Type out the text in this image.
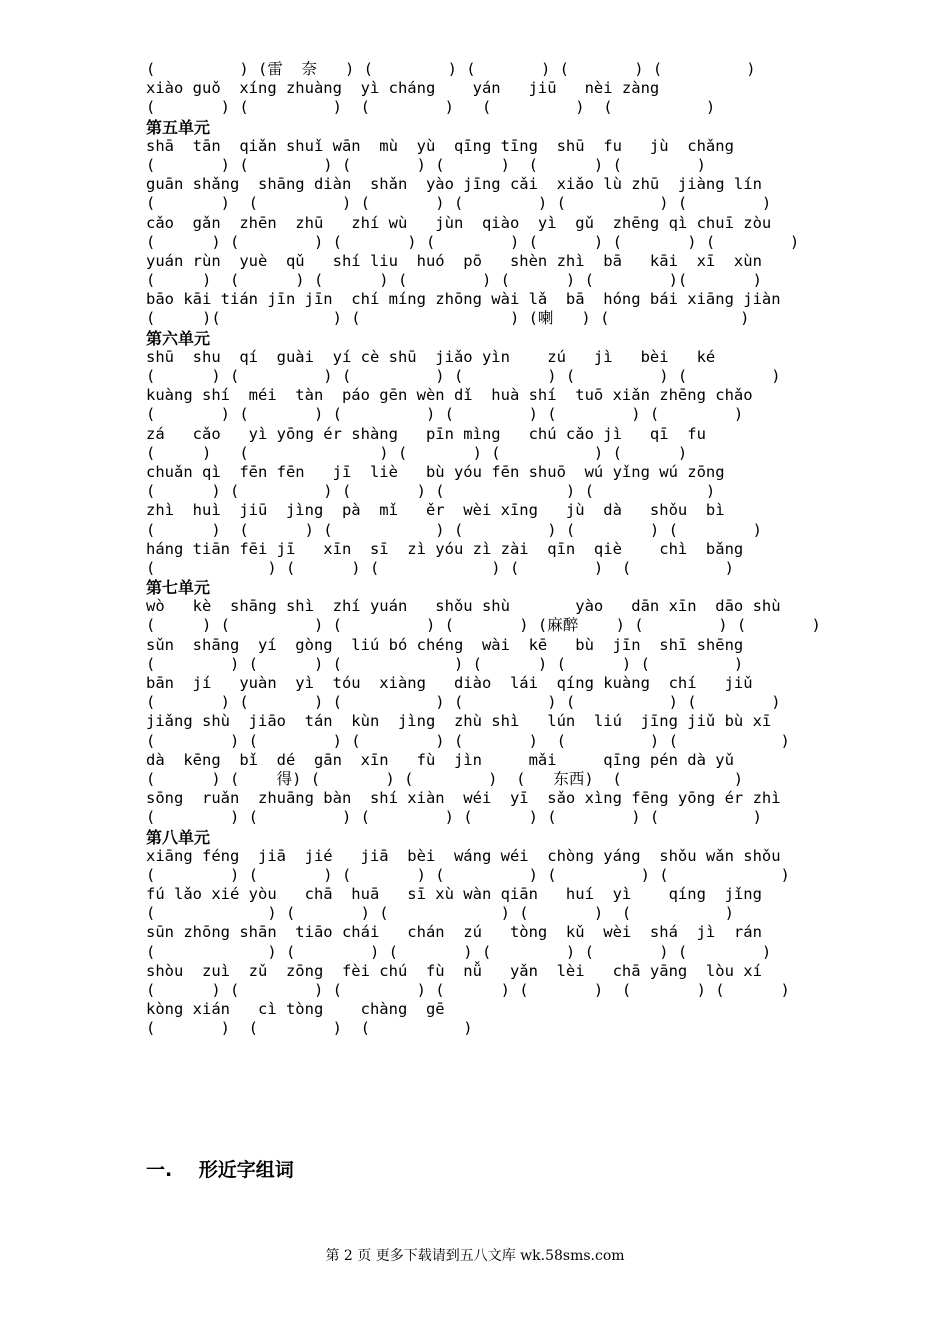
(         ) (雷  奈   ) (        ) (       ) (       ) (         )
xiào guǒ  xíng zhuàng  yì cháng    yán   jiū   nèi zàng
(       ) (         )  (        )   (         )  (          )
第五单元
shā  tān  qiǎn shuǐ wān  mù  yù  qīng tīng  shū  fu   jù  chǎng
(       ) (        ) (       ) (      )  (      ) (        )
guān shǎng  shāng diàn  shǎn  yào jīng cǎi  xiǎo lù zhū  jiàng lín
(       )  (         ) (       ) (        ) (          ) (        )
cǎo  gǎn  zhēn  zhū   zhí wù   jùn  qiào  yì  gǔ  zhēng qì chuī zòu
(      ) (        ) (       ) (        ) (      ) (       ) (        )
yuán rùn  yuè  qǔ   shí liu  huó  pō   shèn zhì  bā   kāi  xī  xùn
(     )  (      ) (      ) (        ) (      ) (        )(       )
bāo kāi tián jīn jīn  chí míng zhōng wài lǎ  bā  hóng bái xiāng jiàn
(     )(            ) (                ) (喇   ) (              )
第六单元
shū  shu  qí  guài  yí cè shū  jiǎo yìn    zú   jì   bèi   ké
(      ) (         ) (         ) (         ) (         ) (         )
kuàng shí  méi  tàn  páo gēn wèn dǐ  huà shí  tuō xiǎn zhēng chǎo
(       ) (       ) (         ) (        ) (        ) (        )
zá   cǎo   yì yōng ér shàng   pīn mìng   chú cǎo jì   qī  fu
(     )   (              ) (       ) (          ) (      )
chuǎn qì  fēn fēn   jī  liè   bù yóu fēn shuō  wú yǐng wú zōng
(      ) (         ) (       ) (             ) (            )
zhì  huì  jiū  jìng  pà  mǐ   ěr  wèi xīng   jù  dà   shǒu  bì
(      )  (      ) (           ) (         ) (        ) (        )
háng tiān fēi jī   xīn  sī  zì yóu zì zài  qīn  qiè    chì  bǎng
(            ) (      ) (            ) (        )  (          )
第七单元
wò   kè  shāng shì  zhí yuán   shǒu shù       yào   dān xīn  dāo shù
(     ) (         ) (         ) (       ) (麻醉    ) (        ) (       )
sǔn  shāng  yí  gòng  liú bó chéng  wài  kē   bù  jīn  shī shēng
(        ) (      ) (            ) (      ) (      ) (         )
bān  jí   yuàn  yì  tóu  xiàng   diào  lái  qíng kuàng  chí   jiǔ
(       ) (       ) (          ) (         ) (          ) (        )
jiǎng shù  jiāo  tán  kùn  jìng  zhù shì   lún  liú  jīng jiǔ bù xī
(        ) (        ) (        ) (       )  (         ) (           )
dà  kēng  bǐ  dé  gān  xīn   fù  jìn     mǎi     qīng pén dà yǔ
(      ) (    得) (       ) (        )  (   东西)  (            )
sōng  ruǎn  zhuāng bàn  shí xiàn  wéi  yī  sǎo xìng fēng yōng ér zhì
(        ) (         ) (        ) (      ) (        ) (          )
第八单元
xiāng féng  jiā  jié   jiā  bèi  wáng wéi  chòng yáng  shǒu wǎn shǒu
(        ) (       ) (       ) (         ) (         ) (            )
fú lǎo xié yòu   chā  huā   sī xù wàn qiān   huí  yì    qíng  jǐng
(            ) (       ) (            ) (       )  (          )
sūn zhōng shān  tiāo chái   chán  zú   tòng  kǔ  wèi  shá  jì  rán
(            ) (        ) (       ) (        ) (       ) (        )
shòu  zuì  zǔ  zōng  fèi chú  fù  nǚ   yǎn  lèi   chā yāng  lòu xí
(      ) (        ) (        ) (      ) (       )  (       ) (      )
kòng xián   cì tòng    chàng  gē
(       )  (        )  (          )
一. 形近字组词
第 2 页 更多下载请到五八文库 wk.58sms.com
